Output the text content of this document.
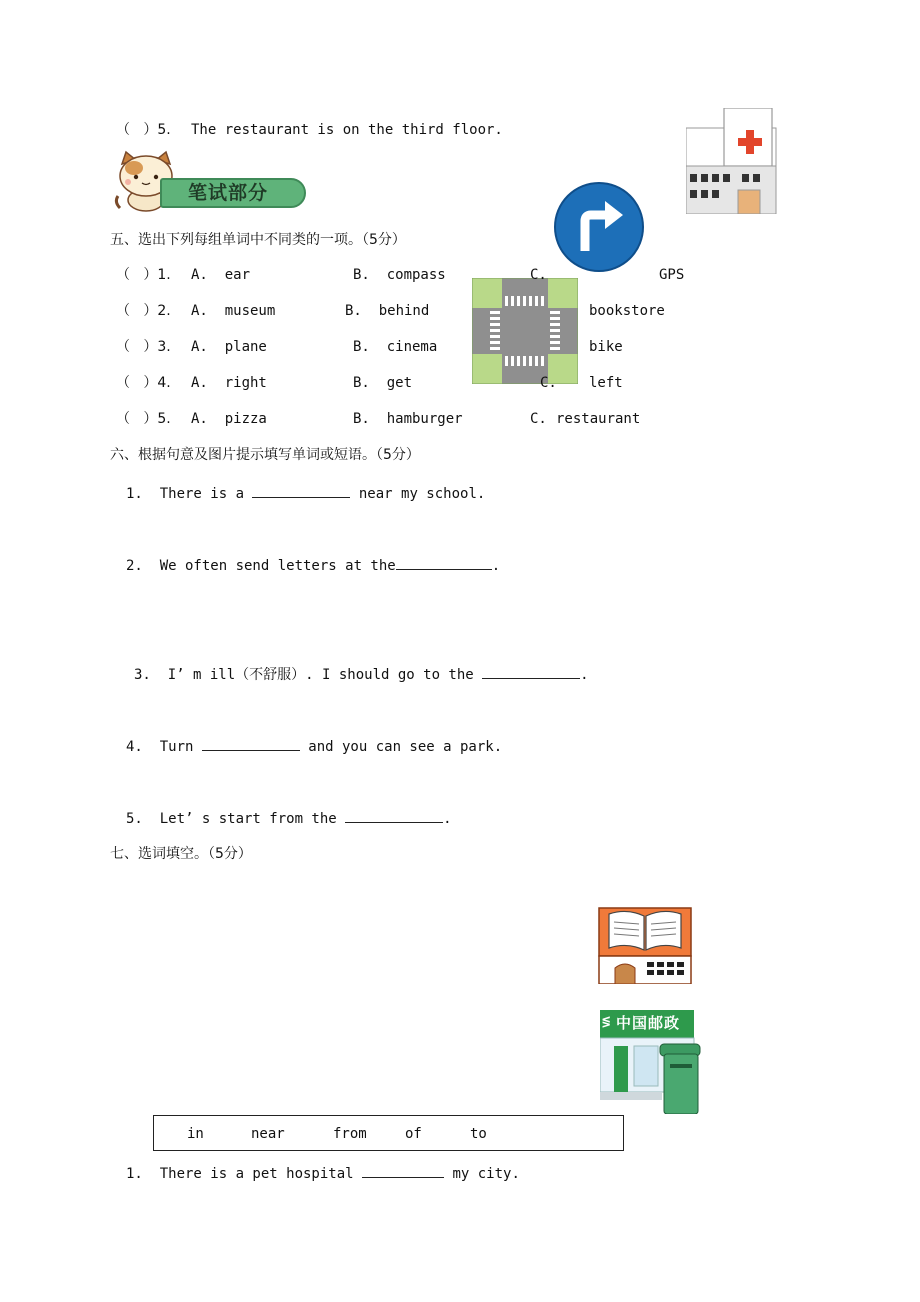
（   ）5. The restaurant is on the third floor.
笔试部分
五、选出下列每组单词中不同类的一项。（5分）
（   ）1. A.  ear	B.  compass	C.	GPS
（   ）2. A.  museum	B.  behind	bookstore
（   ）3. A.  plane	B.  cinema	bike
（   ）4. A.  right	B.  get	C. left
（   ）5. A.  pizza	B.  hamburger	C. restaurant
六、根据句意及图片提示填写单词或短语。（5分）
1.  There is a	near my school.
2.  We often send letters at the	.
3.  I’ m ill（不舒服）. I should go to the	.
4.  Turn	and you can see a park.
5.  Let’ s start from the	.
七、选词填空。（5分）
中国邮政
≶
in	near	from	of	to
1.  There is a pet hospital	my city.
